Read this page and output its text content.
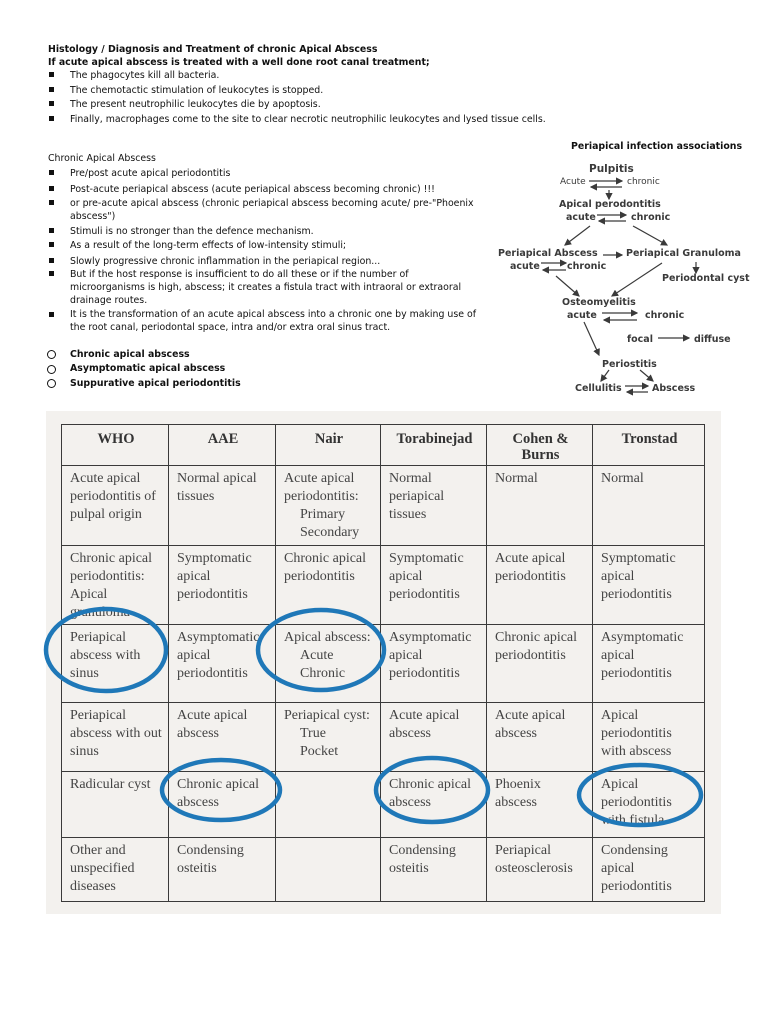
Histology / Diagnosis and Treatment of chronic Apical Abscess
If acute apical abscess is treated with a well done root canal treatment;
The phagocytes kill all bacteria.
The chemotactic stimulation of leukocytes is stopped.
The present neutrophilic leukocytes die by apoptosis.
Finally, macrophages come to the site to clear necrotic neutrophilic leukocytes and lysed tissue cells.
Chronic Apical Abscess
Pre/post acute apical periodontitis
Post-acute periapical abscess (acute periapical abscess becoming chronic) !!!
or pre-acute apical abscess (chronic periapical abscess becoming acute/ pre-"Phoenix abscess")
Stimuli is no stronger than the defence mechanism.
As a result of the long-term effects of low-intensity stimuli;
Slowly progressive chronic inflammation in the periapical region...
But if the host response is insufficient to do all these or if the number of microorganisms is high, abscess; it creates a fistula tract with intraoral or extraoral drainage routes.
It is the transformation of an acute apical abscess into a chronic one by making use of the root canal, periodontal space, intra and/or extra oral sinus tract.
Chronic apical abscess
Asymptomatic apical abscess
Suppurative apical periodontitis
Periapical infection associations
Pulpitis
Acute	chronic
Apical perodontitis
acute	chronic
Periapical Abscess	Periapical Granuloma
acute	chronic
Periodontal cyst
Osteomyelitis
acute	chronic
focal	diffuse
Periostitis
Cellulitis	Abscess
WHO	AAE	Nair	Torabinejad	Cohen & Burns	Tronstad
Acute apical periodontitis of pulpal origin	Normal apical tissues	Acute apical periodontitis:
Primary
Secondary	Normal periapical tissues	Normal	Normal
Chronic apical periodontitis: Apical granuloma	Symptomatic apical periodontitis	Chronic apical periodontitis	Symptomatic apical periodontitis	Acute apical periodontitis	Symptomatic apical periodontitis
Periapical abscess with sinus	Asymptomatic apical periodontitis	Apical abscess:
Acute
Chronic	Asymptomatic apical periodontitis	Chronic apical periodontitis	Asymptomatic apical periodontitis
Periapical abscess with out sinus	Acute apical abscess	Periapical cyst:
True
Pocket	Acute apical abscess	Acute apical abscess	Apical periodontitis with abscess
Radicular cyst	Chronic apical abscess		Chronic apical abscess	Phoenix abscess	Apical periodontitis with fistula
Other and unspecified diseases	Condensing osteitis		Condensing osteitis	Periapical osteosclerosis	Condensing apical periodontitis
